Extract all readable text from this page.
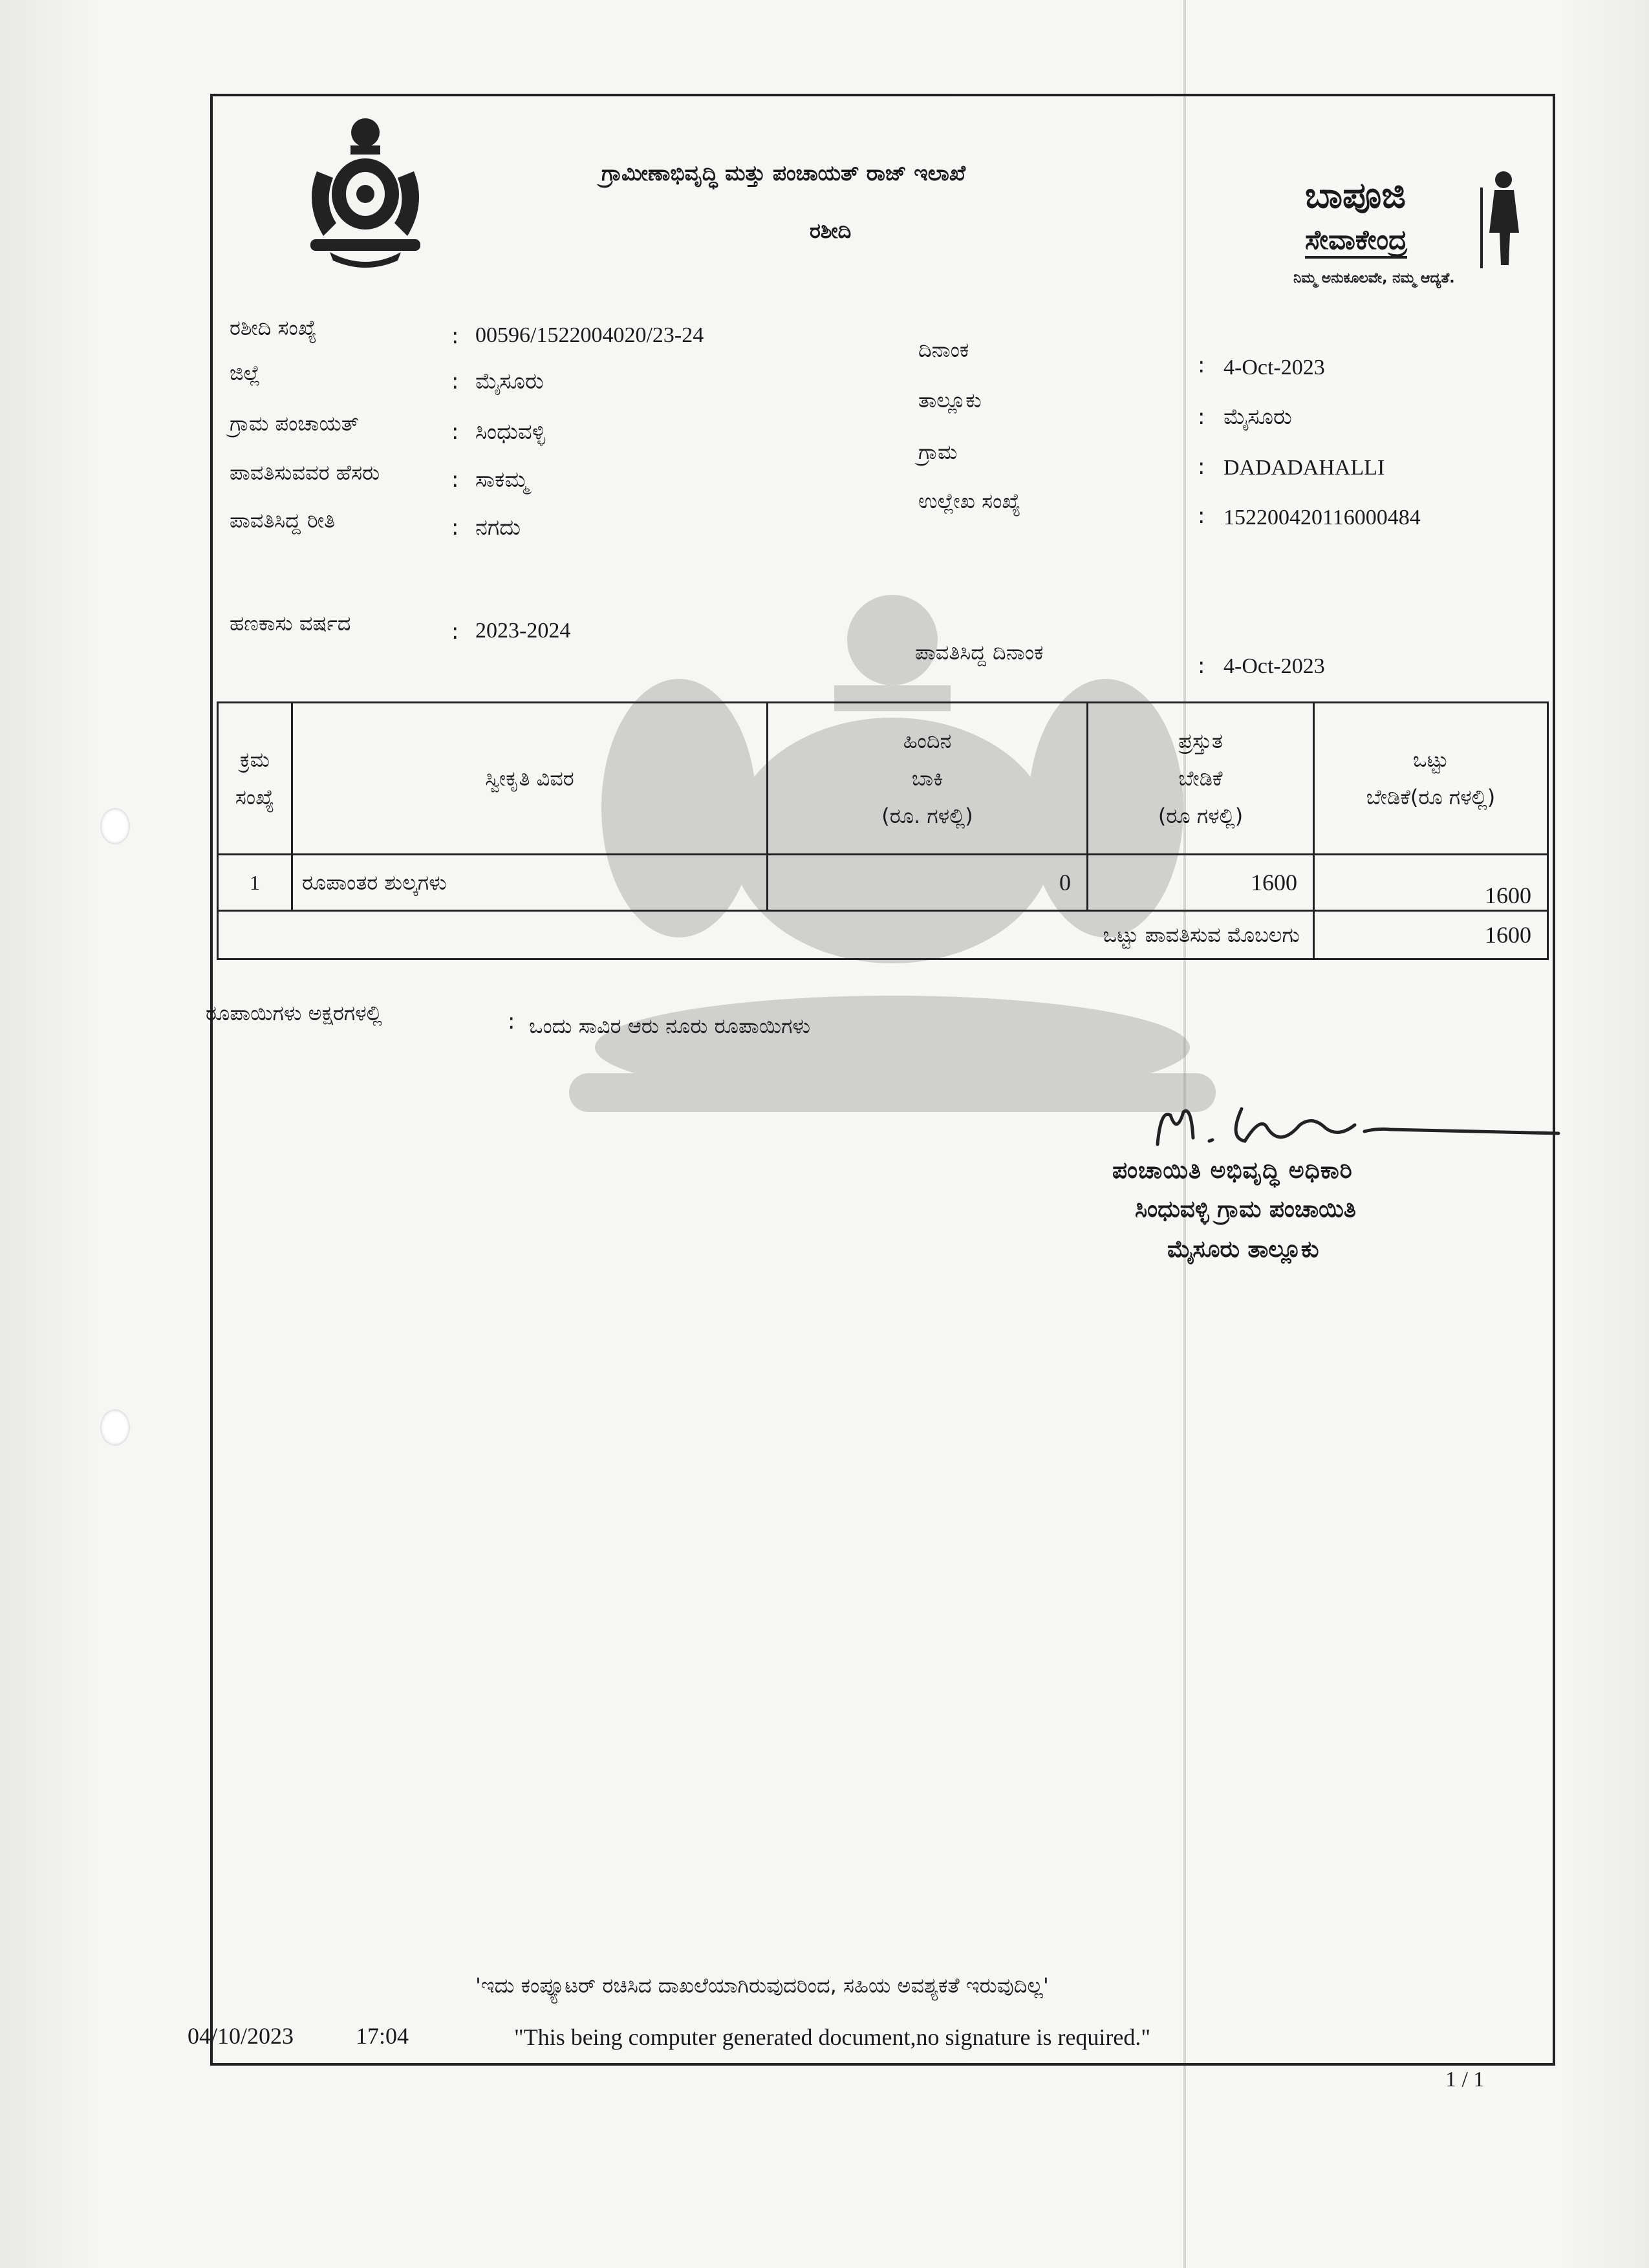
ಗ್ರಾಮೀಣಾಭಿವೃದ್ಧಿ ಮತ್ತು ಪಂಚಾಯತ್ ರಾಜ್ ಇಲಾಖೆ
ರಶೀದಿ
ಬಾಪೂಜಿ
ಸೇವಾಕೇಂದ್ರ
ನಿಮ್ಮ ಅನುಕೂಲವೇ, ನಮ್ಮ ಆದ್ಯತೆ.
ರಶೀದಿ ಸಂಖ್ಯೆ	: 00596/1522004020/23-24
ಜಿಲ್ಲೆ	: ಮೈಸೂರು
ಗ್ರಾಮ ಪಂಚಾಯತ್	: ಸಿಂಧುವಳ್ಳಿ
ಪಾವತಿಸುವವರ ಹೆಸರು	: ಸಾಕಮ್ಮ
ಪಾವತಿಸಿದ್ದ ರೀತಿ	: ನಗದು
ಹಣಕಾಸು ವರ್ಷದ	: 2023-2024
ದಿನಾಂಕ
: 4-Oct-2023
ತಾಲ್ಲೂಕು
: ಮೈಸೂರು
ಗ್ರಾಮ
: DADADAHALLI
ಉಲ್ಲೇಖ ಸಂಖ್ಯೆ
: 152200420116000484
ಪಾವತಿಸಿದ್ದ ದಿನಾಂಕ
: 4-Oct-2023
ಕ್ರಮ
ಸಂಖ್ಯೆ	ಸ್ವೀಕೃತಿ ವಿವರ	ಹಿಂದಿನ
ಬಾಕಿ
(ರೂ. ಗಳಲ್ಲಿ)	ಪ್ರಸ್ತುತ
ಬೇಡಿಕೆ
(ರೂ ಗಳಲ್ಲಿ)	ಒಟ್ಟು
ಬೇಡಿಕೆ(ರೂ ಗಳಲ್ಲಿ)
1	ರೂಪಾಂತರ ಶುಲ್ಕಗಳು	0	1600	1600
ಒಟ್ಟು ಪಾವತಿಸುವ ಮೊಬಲಗು				1600
ರೂಪಾಯಿಗಳು ಅಕ್ಷರಗಳಲ್ಲಿ	: ಒಂದು ಸಾವಿರ ಆರು ನೂರು ರೂಪಾಯಿಗಳು
ಪಂಚಾಯಿತಿ ಅಭಿವೃದ್ಧಿ ಅಧಿಕಾರಿ
ಸಿಂಧುವಳ್ಳಿ ಗ್ರಾಮ ಪಂಚಾಯಿತಿ
ಮೈಸೂರು ತಾಲ್ಲೂಕು
'ಇದು ಕಂಪ್ಯೂಟರ್ ರಚಿಸಿದ ದಾಖಲೆಯಾಗಿರುವುದರಿಂದ, ಸಹಿಯ ಅವಶ್ಯಕತೆ ಇರುವುದಿಲ್ಲ'
04/10/2023	17:04	"This being computer generated document,no signature is required."
1 / 1
